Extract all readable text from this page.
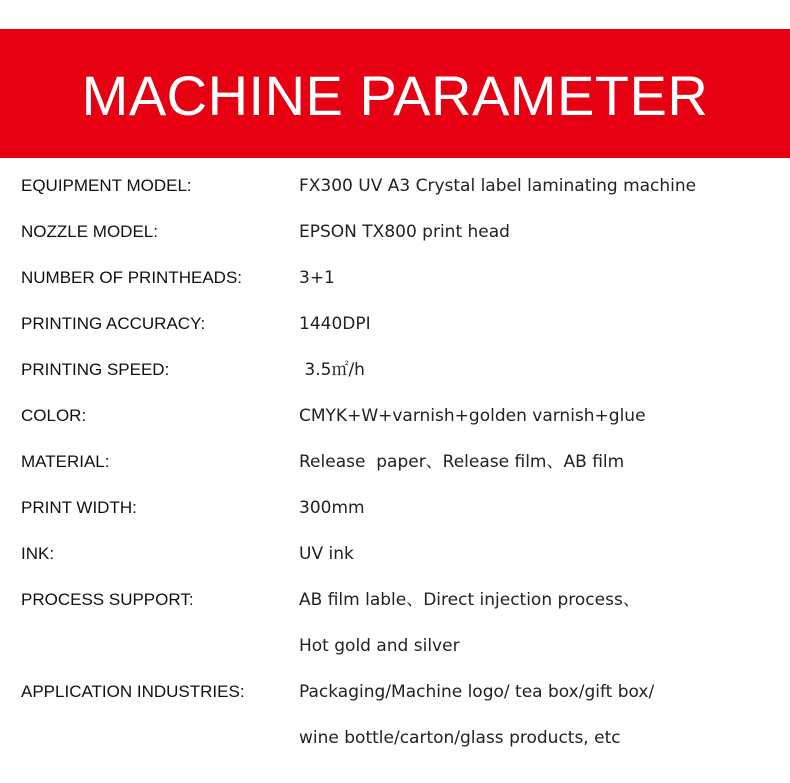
MACHINE PARAMETER
EQUIPMENT MODEL:	FX300 UV A3 Crystal label laminating machine
NOZZLE MODEL:	EPSON TX800 print head
NUMBER OF PRINTHEADS:	3+1
PRINTING ACCURACY:	1440DPI
PRINTING SPEED:	3.5㎡/h
COLOR:	CMYK+W+varnish+golden varnish+glue
MATERIAL:	Release  paper、Release film、AB film
PRINT WIDTH:	300mm
INK:	UV ink
PROCESS SUPPORT:	AB film lable、Direct injection process、
Hot gold and silver
APPLICATION INDUSTRIES:	Packaging/Machine logo/ tea box/gift box/
wine bottle/carton/glass products, etc
